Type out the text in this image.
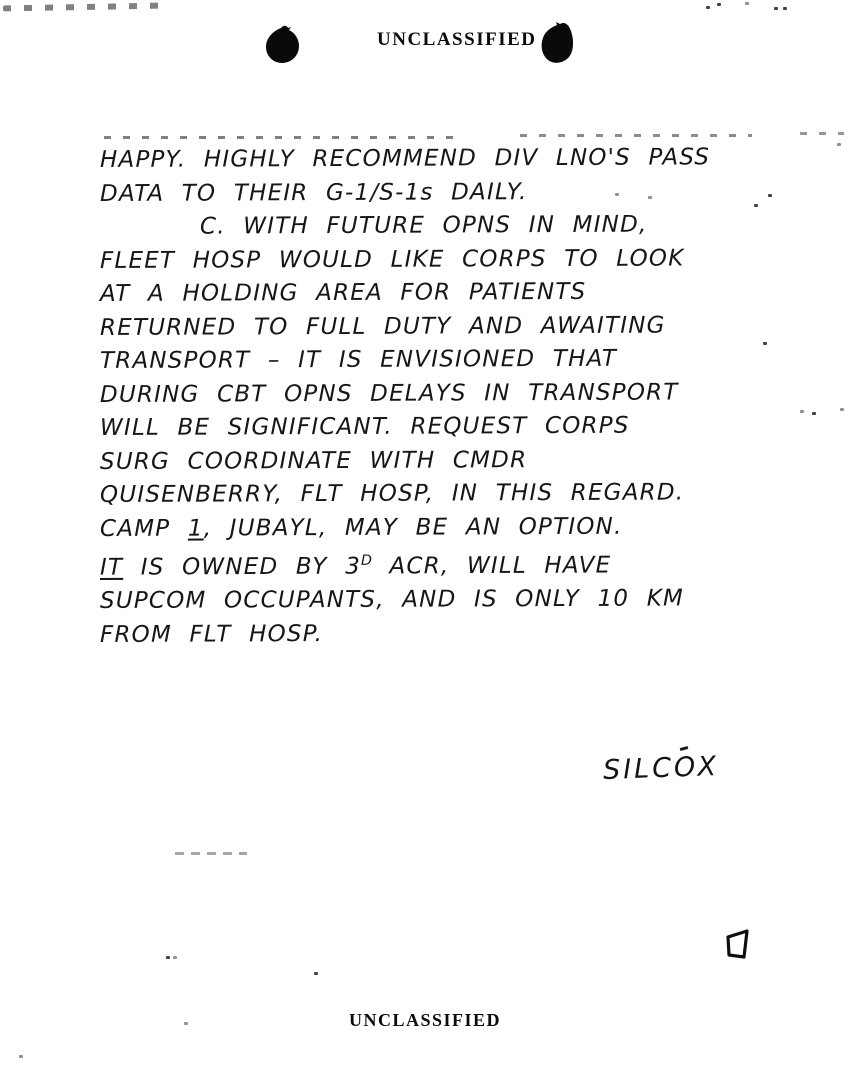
UNCLASSIFIED
HAPPY. HIGHLY RECOMMEND DIV LNO'S PASS
DATA TO THEIR G-1/S-1s DAILY.
C. WITH FUTURE OPNS IN MIND,
FLEET HOSP WOULD LIKE CORPS TO LOOK
AT A HOLDING AREA FOR PATIENTS
RETURNED TO FULL DUTY AND AWAITING
TRANSPORT – IT IS ENVISIONED THAT
DURING CBT OPNS DELAYS IN TRANSPORT
WILL BE SIGNIFICANT. REQUEST CORPS
SURG COORDINATE WITH CMDR
QUISENBERRY, FLT HOSP, IN THIS REGARD.
CAMP 1, JUBAYL, MAY BE AN OPTION.
IT IS OWNED BY $3^D$ ACR, WILL HAVE
SUPCOM OCCUPANTS, AND IS ONLY 10 KM
FROM FLT HOSP.
SILCOX
UNCLASSIFIED
